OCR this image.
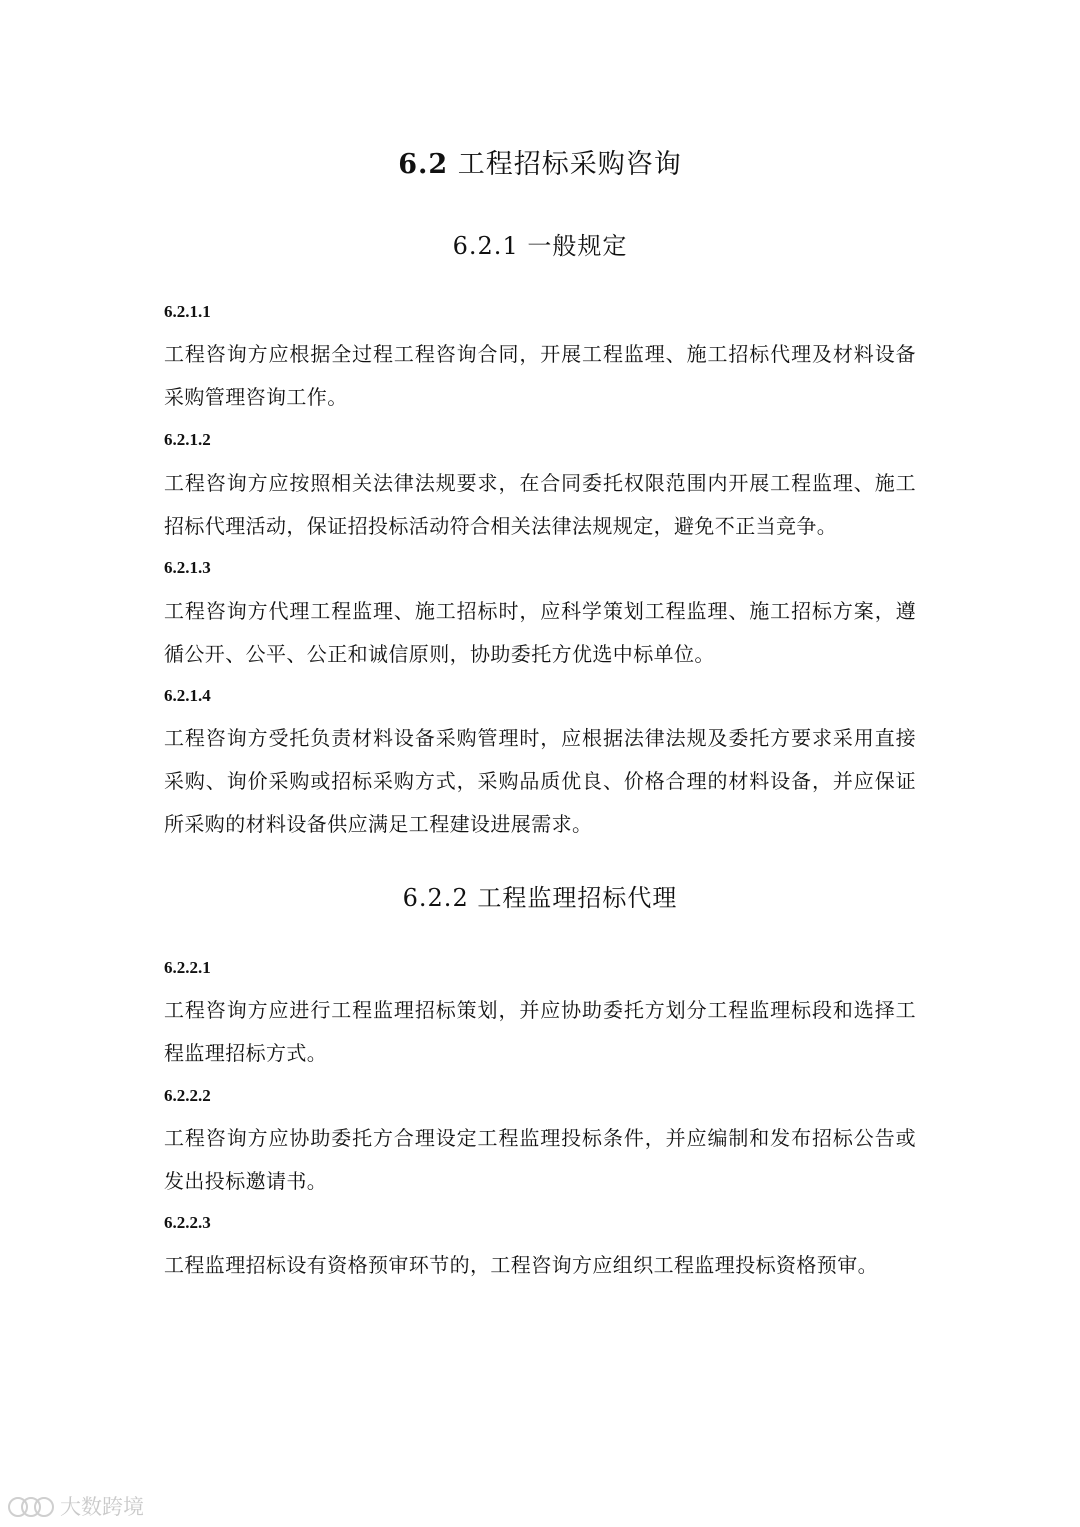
6.2 工程招标采购咨询
6.2.1 一般规定
6.2.1.1
工程咨询方应根据全过程工程咨询合同，开展工程监理、施工招标代理及材料设备采购管理咨询工作。
6.2.1.2
工程咨询方应按照相关法律法规要求，在合同委托权限范围内开展工程监理、施工招标代理活动，保证招投标活动符合相关法律法规规定，避免不正当竞争。
6.2.1.3
工程咨询方代理工程监理、施工招标时，应科学策划工程监理、施工招标方案，遵循公开、公平、公正和诚信原则，协助委托方优选中标单位。
6.2.1.4
工程咨询方受托负责材料设备采购管理时，应根据法律法规及委托方要求采用直接采购、询价采购或招标采购方式，采购品质优良、价格合理的材料设备，并应保证所采购的材料设备供应满足工程建设进展需求。
6.2.2 工程监理招标代理
6.2.2.1
工程咨询方应进行工程监理招标策划，并应协助委托方划分工程监理标段和选择工程监理招标方式。
6.2.2.2
工程咨询方应协助委托方合理设定工程监理投标条件，并应编制和发布招标公告或发出投标邀请书。
6.2.2.3
工程监理招标设有资格预审环节的，工程咨询方应组织工程监理投标资格预审。
大数跨境
